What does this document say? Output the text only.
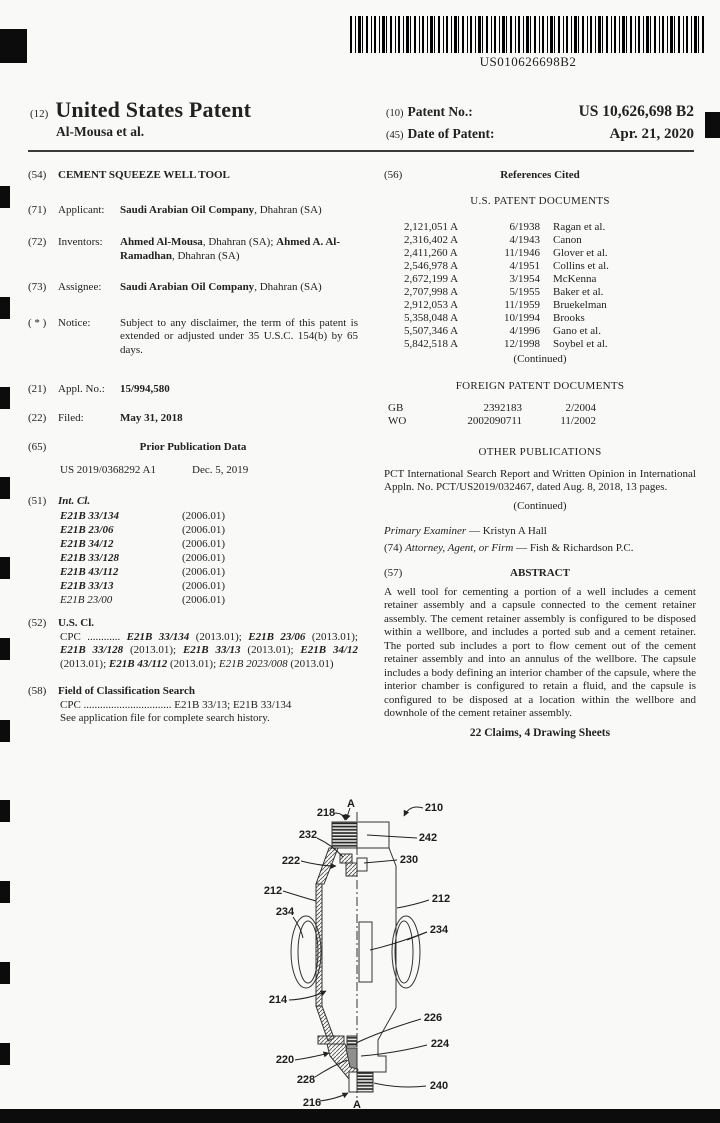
US010626698B2
(12) United States Patent
Al-Mousa et al.
(10) Patent No.:	US 10,626,698 B2
(45) Date of Patent:	Apr. 21, 2020
(54)	CEMENT SQUEEZE WELL TOOL
(71)	Applicant:	Saudi Arabian Oil Company, Dhahran (SA)
(72)	Inventors:	Ahmed Al-Mousa, Dhahran (SA); Ahmed A. Al-Ramadhan, Dhahran (SA)
(73)	Assignee:	Saudi Arabian Oil Company, Dhahran (SA)
( * )	Notice:	Subject to any disclaimer, the term of this patent is extended or adjusted under 35 U.S.C. 154(b) by 65 days.
(21)	Appl. No.:	15/994,580
(22)	Filed:	May 31, 2018
(65)	Prior Publication Data
US 2019/0368292 A1	Dec. 5, 2019
(51)	Int. Cl.
E21B 33/134	(2006.01)
E21B 23/06	(2006.01)
E21B 34/12	(2006.01)
E21B 33/128	(2006.01)
E21B 43/112	(2006.01)
E21B 33/13	(2006.01)
E21B 23/00	(2006.01)
(52)	U.S. Cl.
CPC ............ E21B 33/134 (2013.01); E21B 23/06 (2013.01); E21B 33/128 (2013.01); E21B 33/13 (2013.01); E21B 34/12 (2013.01); E21B 43/112 (2013.01); E21B 2023/008 (2013.01)
(58)	Field of Classification Search
CPC ................................ E21B 33/13; E21B 33/134
See application file for complete search history.
(56)	References Cited
U.S. PATENT DOCUMENTS
2,121,051 A	6/1938 Ragan et al.
2,316,402 A	4/1943 Canon
2,411,260 A	11/1946 Glover et al.
2,546,978 A	4/1951 Collins et al.
2,672,199 A	3/1954 McKenna
2,707,998 A	5/1955 Baker et al.
2,912,053 A	11/1959 Bruekelman
5,358,048 A	10/1994 Brooks
5,507,346 A	4/1996 Gano et al.
5,842,518 A	12/1998 Soybel et al.
(Continued)
FOREIGN PATENT DOCUMENTS
GB	2392183	2/2004
WO	2002090711	11/2002
OTHER PUBLICATIONS
PCT International Search Report and Written Opinion in International Appln. No. PCT/US2019/032467, dated Aug. 8, 2018, 13 pages.
(Continued)
Primary Examiner — Kristyn A Hall
(74) Attorney, Agent, or Firm — Fish & Richardson P.C.
(57)	ABSTRACT
A well tool for cementing a portion of a well includes a cement retainer assembly and a capsule connected to the cement retainer assembly. The cement retainer assembly is configured to be disposed within a wellbore, and includes a ported sub and a cement retainer. The ported sub includes a port to flow cement out of the cement retainer assembly and into an annulus of the wellbore. The capsule includes a body defining an interior chamber of the capsule, where the interior chamber is configured to retain a fluid, and the capsule is configured to be disposed at a location within the wellbore and downhole of the cement retainer assembly.
22 Claims, 4 Drawing Sheets
A
218	210
232	242
222	230
212
212
234
234
214
226
224
220
228	240
216	A
